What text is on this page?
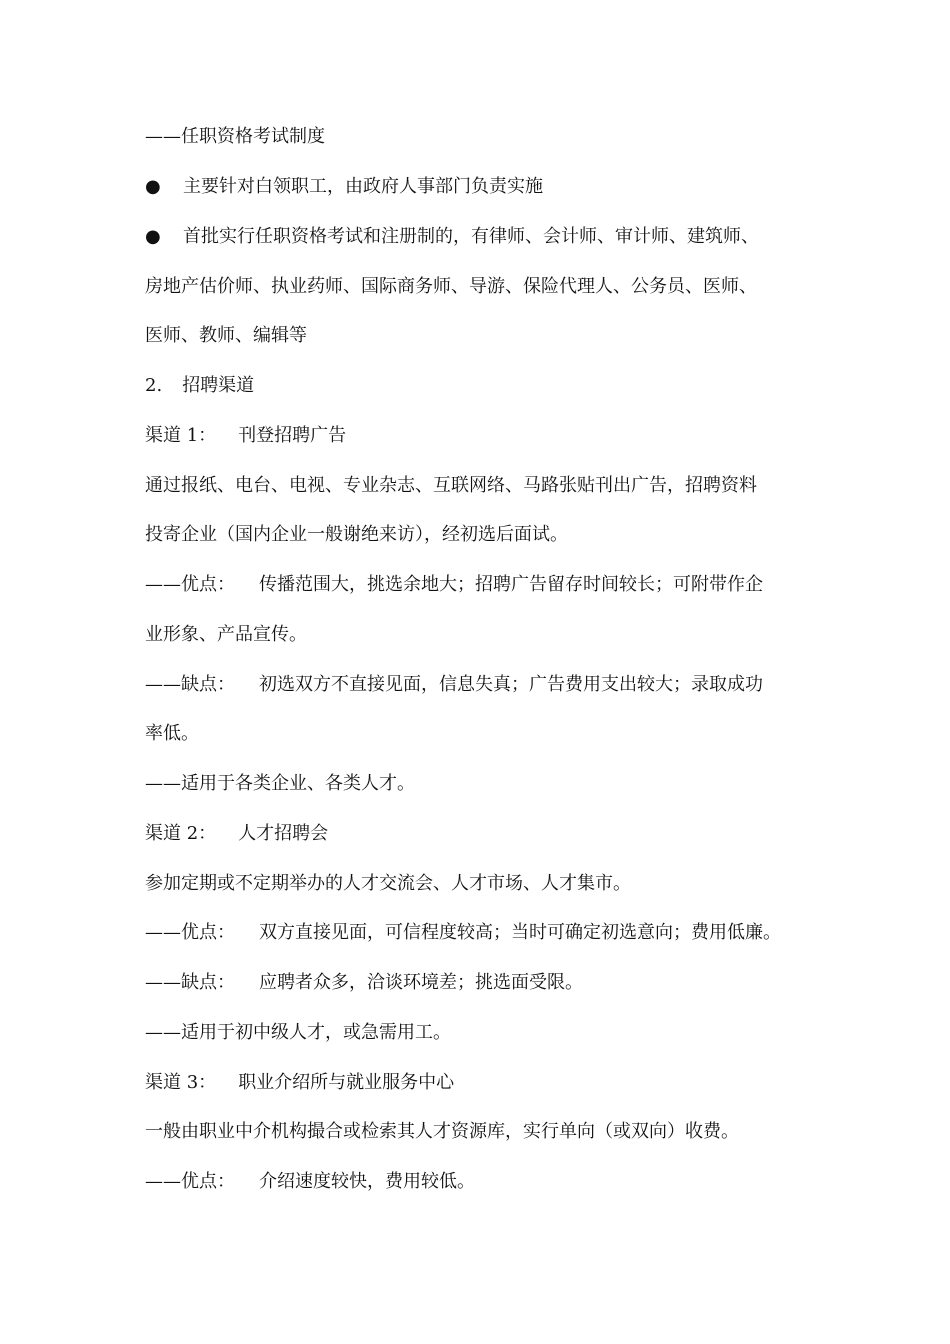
——任职资格考试制度
● 主要针对白领职工，由政府人事部门负责实施
● 首批实行任职资格考试和注册制的，有律师、会计师、审计师、建筑师、
房地产估价师、执业药师、国际商务师、导游、保险代理人、公务员、医师、
医师、教师、编辑等
2. 招聘渠道
渠道 1： 刊登招聘广告
通过报纸、电台、电视、专业杂志、互联网络、马路张贴刊出广告，招聘资料
投寄企业（国内企业一般谢绝来访），经初选后面试。
——优点： 传播范围大，挑选余地大；招聘广告留存时间较长；可附带作企
业形象、产品宣传。
——缺点： 初选双方不直接见面，信息失真；广告费用支出较大；录取成功
率低。
——适用于各类企业、各类人才。
渠道 2： 人才招聘会
参加定期或不定期举办的人才交流会、人才市场、人才集市。
——优点： 双方直接见面，可信程度较高；当时可确定初选意向；费用低廉。
——缺点： 应聘者众多，洽谈环境差；挑选面受限。
——适用于初中级人才，或急需用工。
渠道 3： 职业介绍所与就业服务中心
一般由职业中介机构撮合或检索其人才资源库，实行单向（或双向）收费。
——优点： 介绍速度较快，费用较低。
